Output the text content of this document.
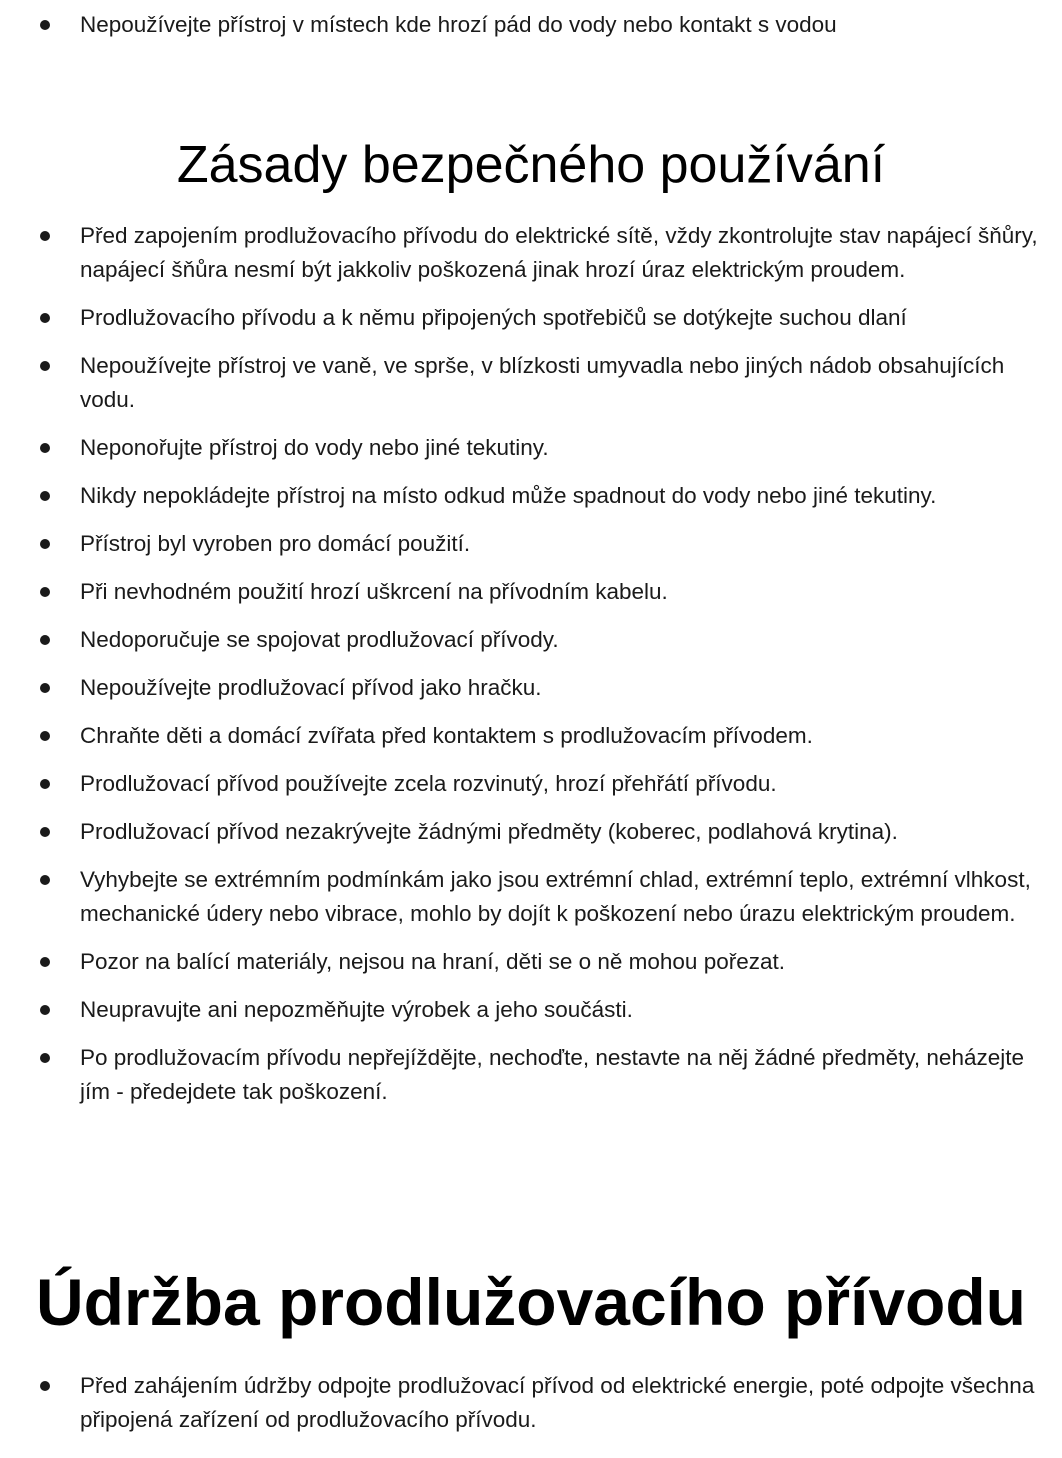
Nepoužívejte přístroj v místech kde hrozí pád do vody nebo kontakt s vodou
Zásady bezpečného používání
Před zapojením prodlužovacího přívodu do elektrické sítě, vždy zkontrolujte stav napájecí šňůry, napájecí šňůra nesmí být jakkoliv poškozená jinak hrozí úraz elektrickým proudem.
Prodlužovacího přívodu a k němu připojených spotřebičů se dotýkejte suchou dlaní
Nepoužívejte přístroj ve vaně, ve sprše, v blízkosti umyvadla nebo jiných nádob obsahujících vodu.
Neponořujte přístroj do vody nebo jiné tekutiny.
Nikdy nepokládejte přístroj na místo odkud může spadnout do vody nebo jiné tekutiny.
Přístroj byl vyroben pro domácí použití.
Při nevhodném použití hrozí uškrcení na přívodním kabelu.
Nedoporučuje se spojovat prodlužovací přívody.
Nepoužívejte prodlužovací přívod jako hračku.
Chraňte děti a domácí zvířata před kontaktem s prodlužovacím přívodem.
Prodlužovací přívod používejte zcela rozvinutý, hrozí přehřátí přívodu.
Prodlužovací přívod nezakrývejte žádnými předměty (koberec, podlahová krytina).
Vyhybejte se extrémním podmínkám jako jsou extrémní chlad, extrémní teplo, extrémní vlhkost, mechanické údery nebo vibrace, mohlo by dojít k poškození nebo úrazu elektrickým proudem.
Pozor na balící materiály, nejsou na hraní, děti se o ně mohou pořezat.
Neupravujte ani nepozměňujte výrobek a jeho součásti.
Po prodlužovacím přívodu nepřejíždějte, nechoďte, nestavte na něj žádné předměty, neházejte jím - předejdete tak poškození.
Údržba prodlužovacího přívodu
Před zahájením údržby odpojte prodlužovací přívod od elektrické energie, poté odpojte všechna připojená zařízení od prodlužovacího přívodu.
